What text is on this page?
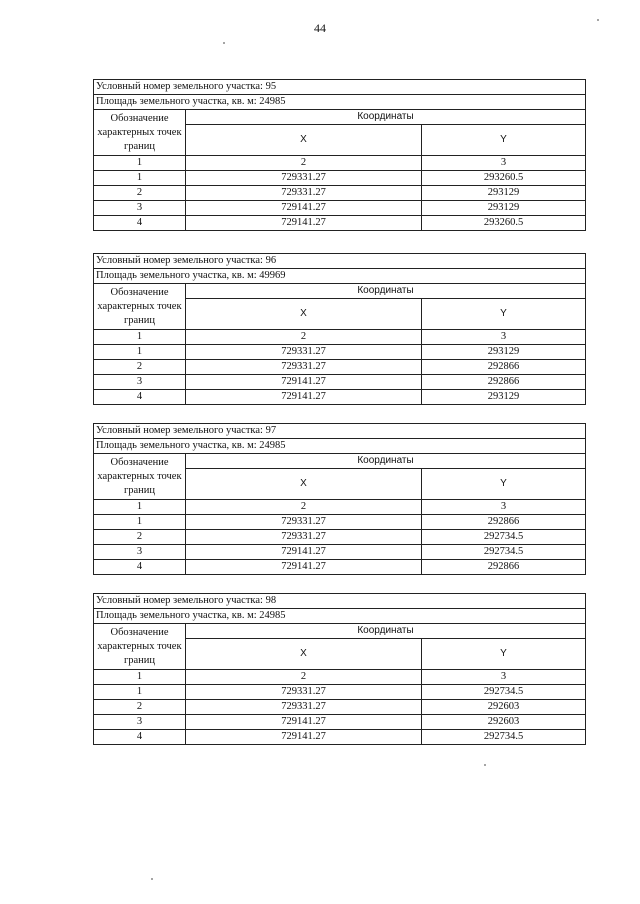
44
Условный номер земельного участка: 95		
Площадь земельного участка, кв. м: 24985		
Обозначение характерных точек границ	Координаты	
	X	Y
1	2	3
1	729331.27	293260.5
2	729331.27	293129
3	729141.27	293129
4	729141.27	293260.5
Условный номер земельного участка: 96		
Площадь земельного участка, кв. м: 49969		
Обозначение характерных точек границ	Координаты	
	X	Y
1	2	3
1	729331.27	293129
2	729331.27	292866
3	729141.27	292866
4	729141.27	293129
Условный номер земельного участка: 97		
Площадь земельного участка, кв. м: 24985		
Обозначение характерных точек границ	Координаты	
	X	Y
1	2	3
1	729331.27	292866
2	729331.27	292734.5
3	729141.27	292734.5
4	729141.27	292866
Условный номер земельного участка: 98		
Площадь земельного участка, кв. м: 24985		
Обозначение характерных точек границ	Координаты	
	X	Y
1	2	3
1	729331.27	292734.5
2	729331.27	292603
3	729141.27	292603
4	729141.27	292734.5
